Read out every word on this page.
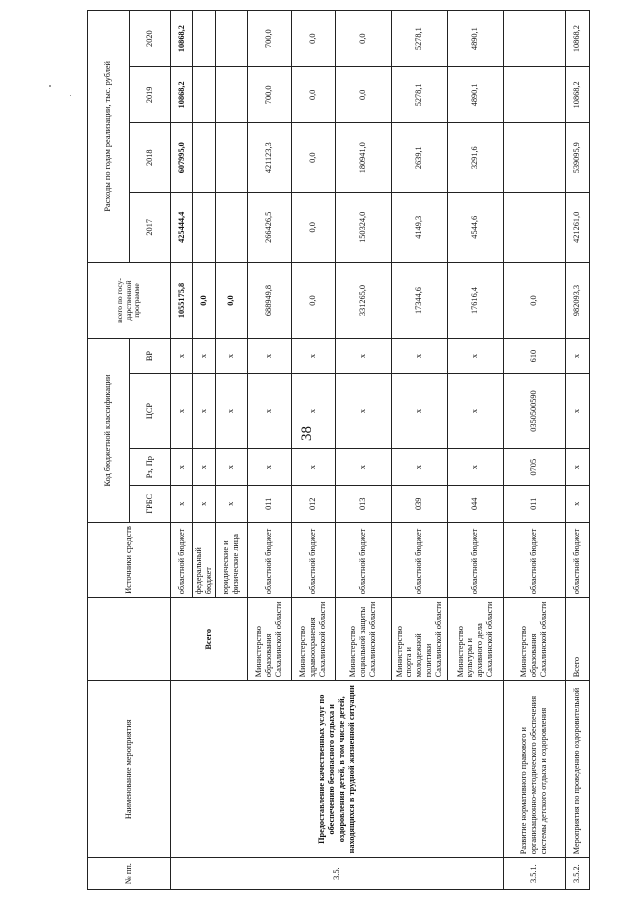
38
№ пп.	Наименование мероприятия		Источники средств	Код бюджетной классификации				всего по госу-дарственной программе	Расходы по годам реализации, тыс. рублей			
				ГРБС	Рз, Пр	ЦСР	ВР		2017	2018	2019	2020
3.5.	Предоставление качественных услуг по обеспечению безопасного отдыха и оздоровления детей, в том числе детей, находящихся в трудной жизненной ситуации	Всего	областной бюджет	х	х	х	х	1055175,8	425444,4	607995,0	10868,2	10868,2
			федеральный бюджет	х	х	х	х	0,0				
			юридические и физические лица	х	х	х	х	0,0				
		Министерство образования Сахалинской области	областной бюджет	011	х	х	х	688949,8	266426,5	421123,3	700,0	700,0
		Министерство здравоохранения Сахалинской области	областной бюджет	012	х	х	х	0,0	0,0	0,0	0,0	0,0
		Министерство социальной защиты Сахалинской области	областной бюджет	013	х	х	х	331265,0	150324,0	180941,0	0,0	0,0
		Министерство спорта и молодежной политики Сахалинской области	областной бюджет	039	х	х	х	17344,6	4149,3	2639,1	5278,1	5278,1
		Министерство культуры и архивного дела Сахалинской области	областной бюджет	044	х	х	х	17616,4	4544,6	3291,6	4890,1	4890,1
3.5.1.	Развитие нормативного правового и организационно-методического обеспечения системы детского отдыха и оздоровления	Министерство образования Сахалинской области	областной бюджет	011	0705	0350500590	610	0,0				
3.5.2.	Мероприятия по проведению оздоровительной	Всего	областной бюджет	х	х	х	х	982093,3	421261,0	539095,9	10868,2	10868,2
